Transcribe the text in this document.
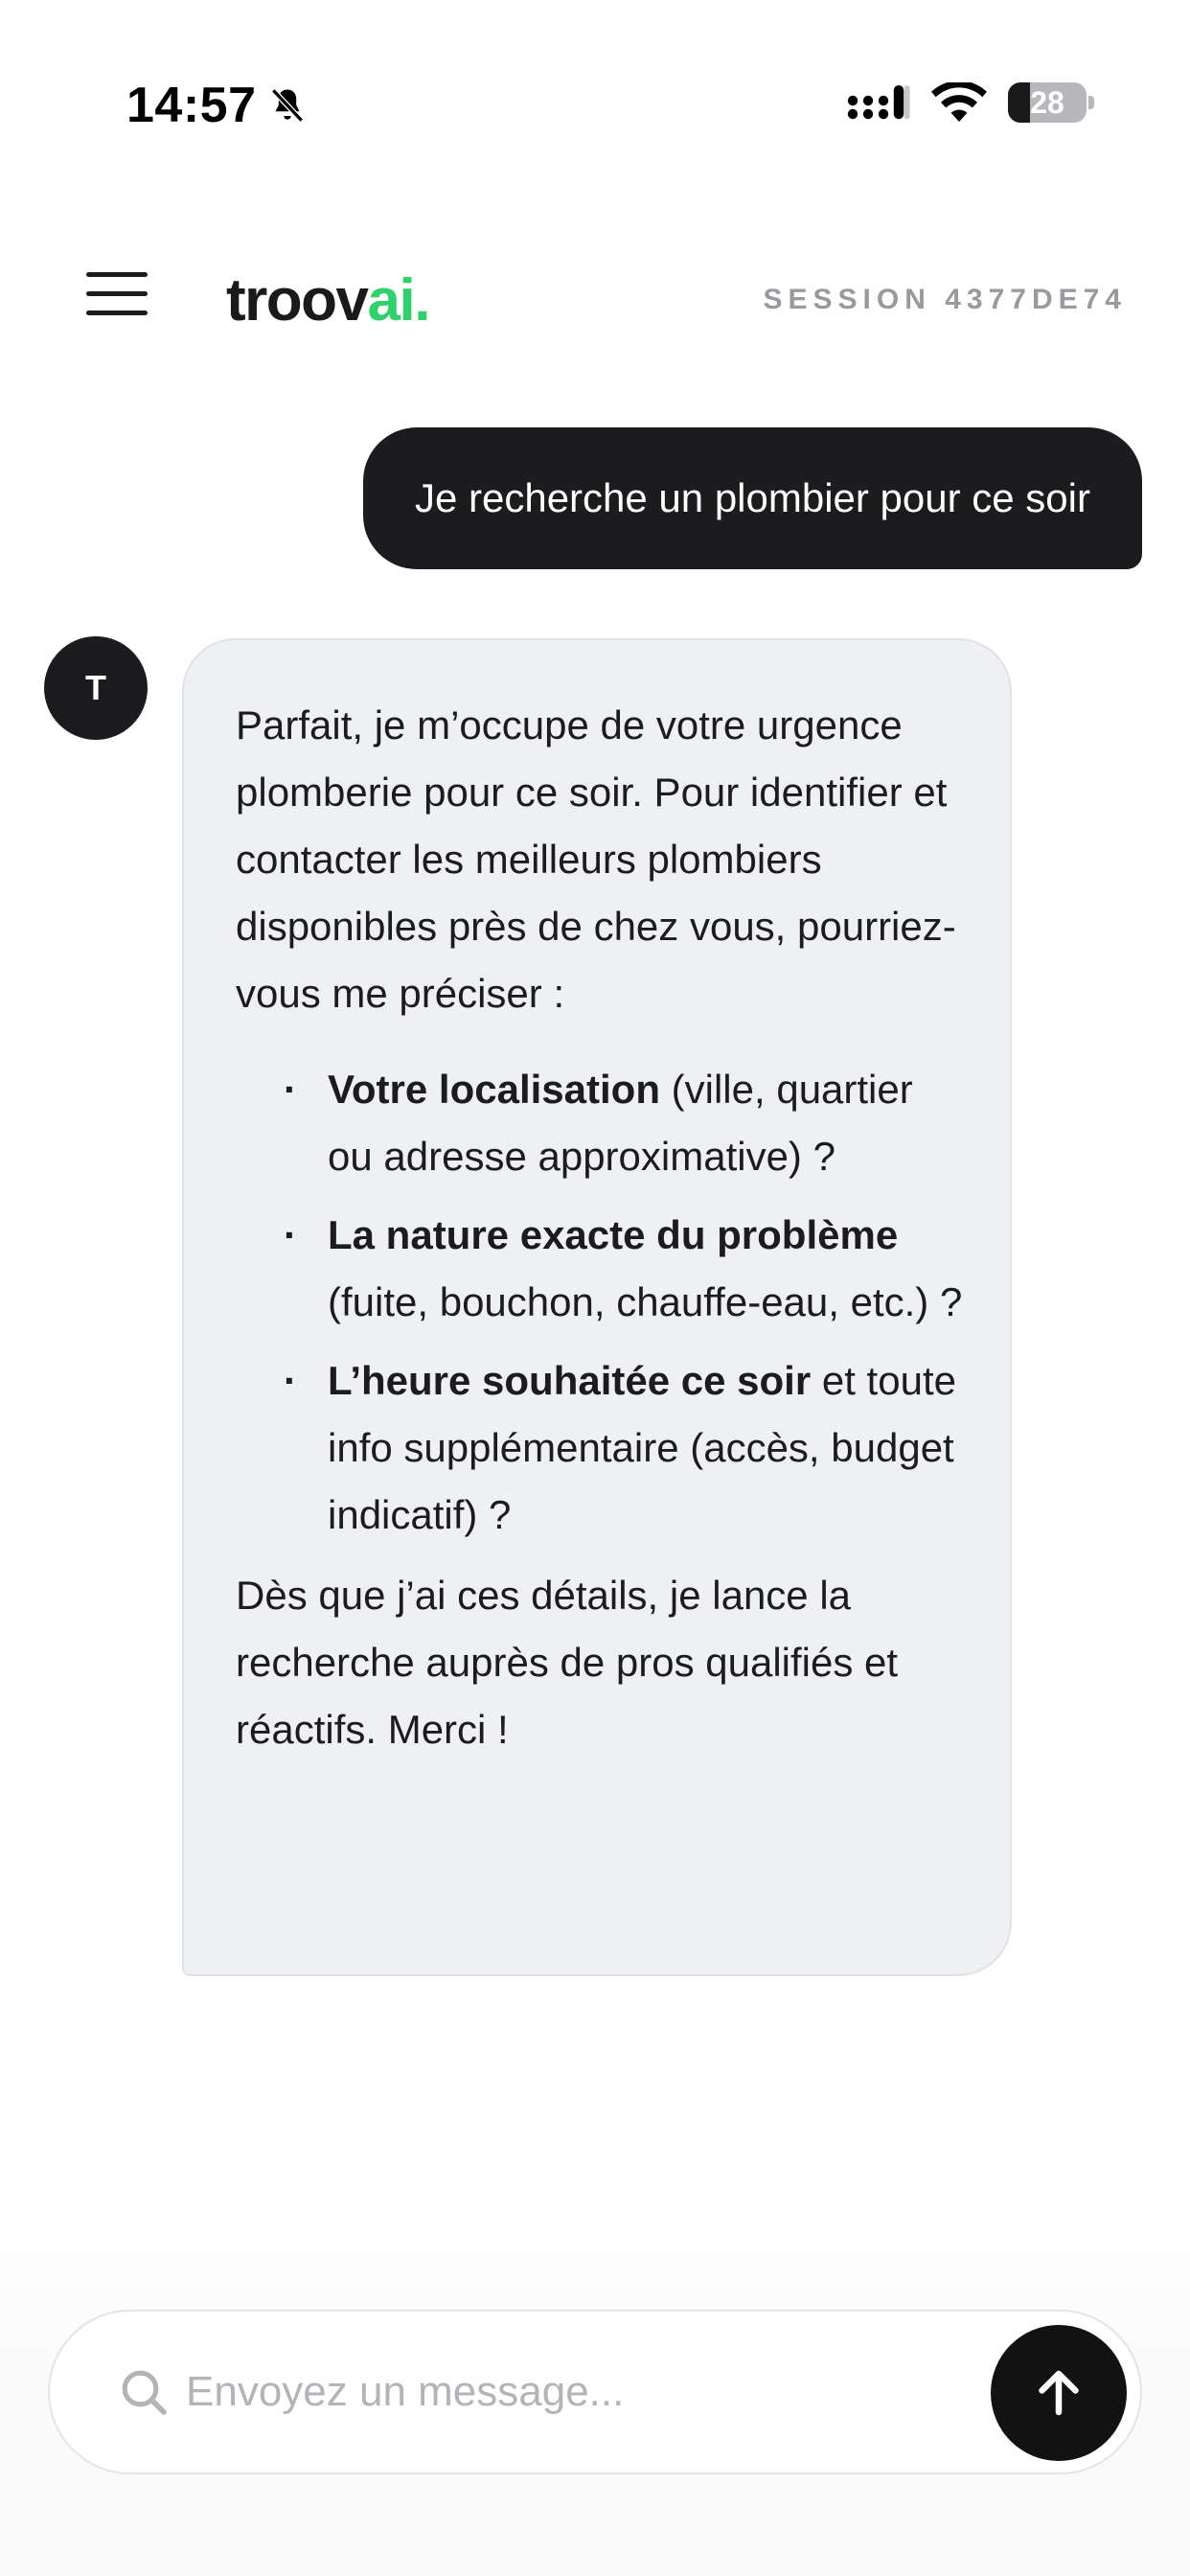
14:57	28
troovai.	SESSION 4377DE74
Je recherche un plombier pour ce soir
T

Parfait, je m’occupe de votre urgence plomberie pour ce soir. Pour identifier et contacter les meilleurs plombiers disponibles près de chez vous, pourriez-vous me préciser :

· Votre localisation (ville, quartier ou adresse approximative) ?
· La nature exacte du problème (fuite, bouchon, chauffe-eau, etc.) ?
· L’heure souhaitée ce soir et toute info supplémentaire (accès, budget indicatif) ?

Dès que j’ai ces détails, je lance la recherche auprès de pros qualifiés et réactifs. Merci !

Envoyez un message...
